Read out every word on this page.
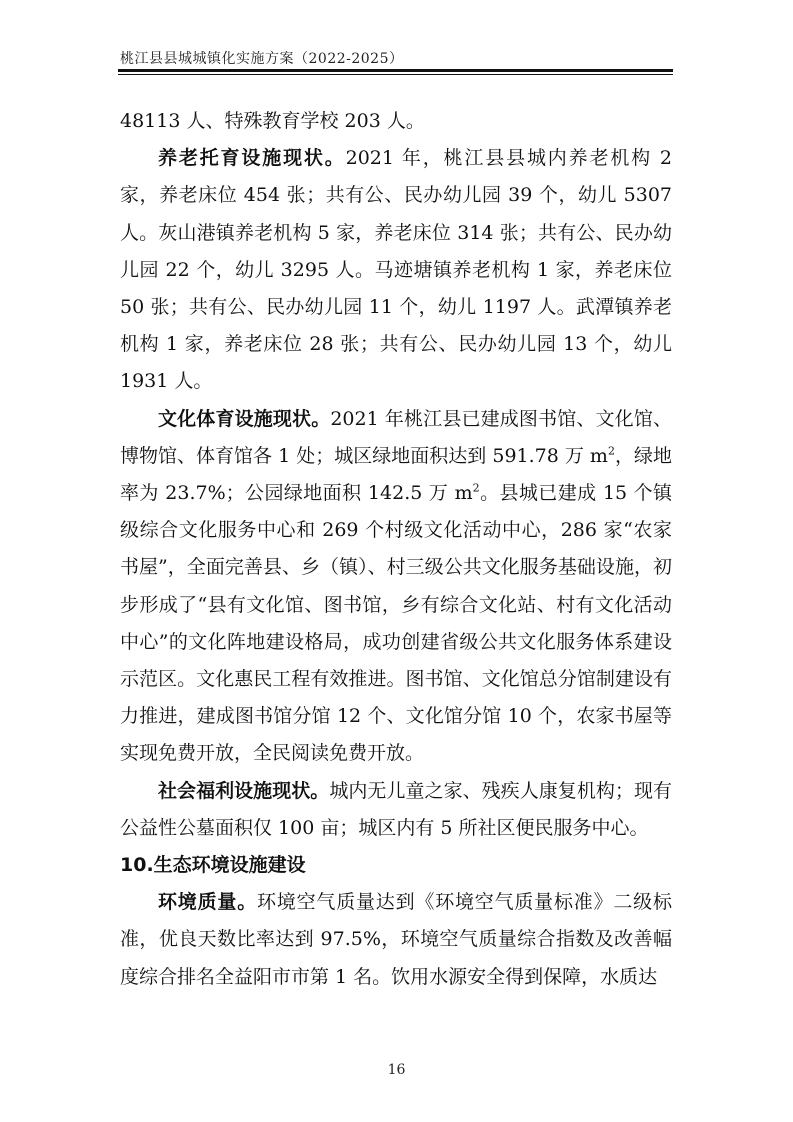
桃江县县城城镇化实施方案（2022-2025）

48113 人、特殊教育学校 203 人。

养老托育设施现状。2021 年，桃江县县城内养老机构 2 家，养老床位 454 张；共有公、民办幼儿园 39 个，幼儿 5307 人。灰山港镇养老机构 5 家，养老床位 314 张；共有公、民办幼儿园 22 个，幼儿 3295 人。马迹塘镇养老机构 1 家，养老床位 50 张；共有公、民办幼儿园 11 个，幼儿 1197 人。武潭镇养老机构 1 家，养老床位 28 张；共有公、民办幼儿园 13 个，幼儿 1931 人。

文化体育设施现状。2021 年桃江县已建成图书馆、文化馆、博物馆、体育馆各 1 处；城区绿地面积达到 591.78 万 $m^2$，绿地率为 23.7%；公园绿地面积 142.5 万 $m^2$。县城已建成 15 个镇级综合文化服务中心和 269 个村级文化活动中心，286 家“农家书屋”，全面完善县、乡（镇）、村三级公共文化服务基础设施，初步形成了“县有文化馆、图书馆，乡有综合文化站、村有文化活动中心”的文化阵地建设格局，成功创建省级公共文化服务体系建设示范区。文化惠民工程有效推进。图书馆、文化馆总分馆制建设有力推进，建成图书馆分馆 12 个、文化馆分馆 10 个，农家书屋等实现免费开放，全民阅读免费开放。

社会福利设施现状。城内无儿童之家、残疾人康复机构；现有公益性公墓面积仅 100 亩；城区内有 5 所社区便民服务中心。

10.生态环境设施建设

环境质量。环境空气质量达到《环境空气质量标准》二级标准，优良天数比率达到 97.5%，环境空气质量综合指数及改善幅度综合排名全益阳市市第 1 名。饮用水源安全得到保障，水质达

16
